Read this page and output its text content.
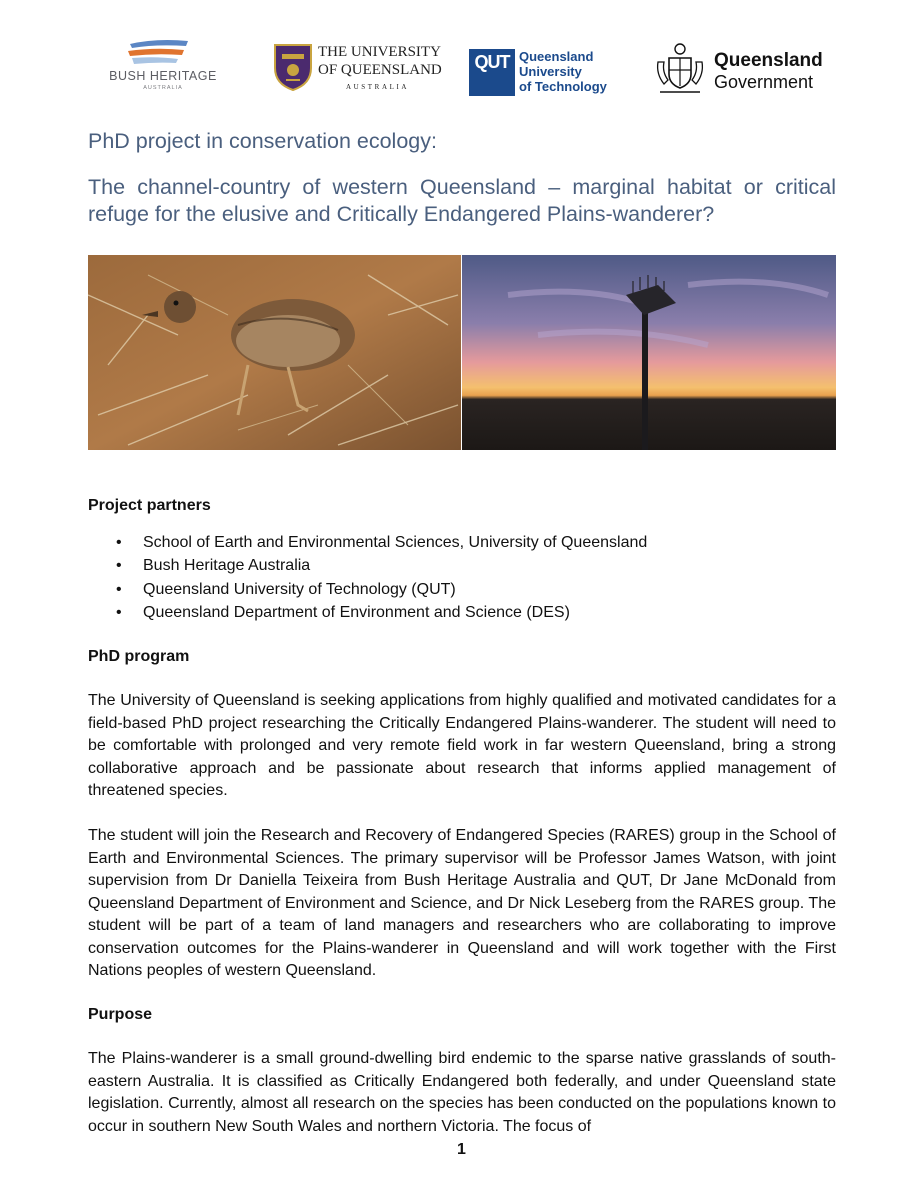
BUSH HERITAGE
AUSTRALIA
THE UNIVERSITY
OF QUEENSLAND
AUSTRALIA
QUT Queensland
University
of Technology
Queensland
Government
PhD project in conservation ecology:
The channel-country of western Queensland – marginal habitat or critical refuge for the elusive and Critically Endangered Plains-wanderer?
Project partners
• School of Earth and Environmental Sciences, University of Queensland
• Bush Heritage Australia
• Queensland University of Technology (QUT)
• Queensland Department of Environment and Science (DES)
PhD program

The University of Queensland is seeking applications from highly qualified and motivated candidates for a field-based PhD project researching the Critically Endangered Plains-wanderer. The student will need to be comfortable with prolonged and very remote field work in far western Queensland, bring a strong collaborative approach and be passionate about research that informs applied management of threatened species.

The student will join the Research and Recovery of Endangered Species (RARES) group in the School of Earth and Environmental Sciences. The primary supervisor will be Professor James Watson, with joint supervision from Dr Daniella Teixeira from Bush Heritage Australia and QUT, Dr Jane McDonald from Queensland Department of Environment and Science, and Dr Nick Leseberg from the RARES group. The student will be part of a team of land managers and researchers who are collaborating to improve conservation outcomes for the Plains-wanderer in Queensland and will work together with the First Nations peoples of western Queensland.

Purpose

The Plains-wanderer is a small ground-dwelling bird endemic to the sparse native grasslands of south-eastern Australia. It is classified as Critically Endangered both federally, and under Queensland state legislation. Currently, almost all research on the species has been conducted on the populations known to occur in southern New South Wales and northern Victoria. The focus of

1
